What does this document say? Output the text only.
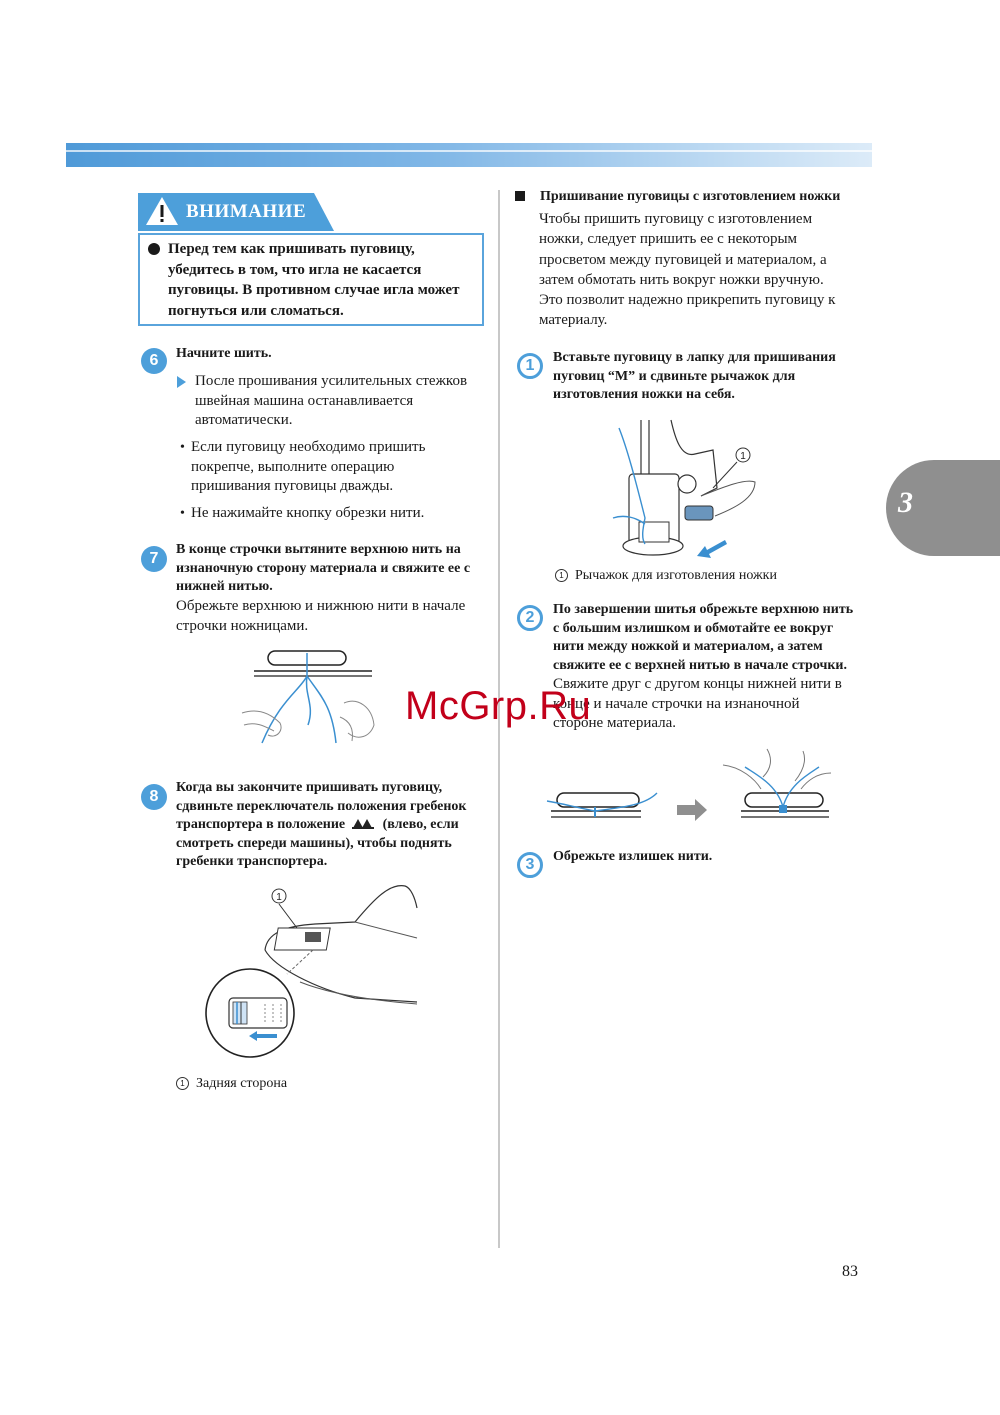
ВНИМАНИЕ
Перед тем как пришивать пуговицу,
убедитесь в том, что игла не касается
пуговицы. В противном случае игла может
погнуться или сломаться.
6	Начните шить.
После прошивания усилительных стежков
швейная машина останавливается
автоматически.
• Если пуговицу необходимо пришить
покрепче, выполните операцию
пришивания пуговицы дважды.
• Не нажимайте кнопку обрезки нити.
7
В конце строчки вытяните верхнюю нить на
изнаночную сторону материала и свяжите ее с
нижней нитью.
Обрежьте верхнюю и нижнюю нити в начале
строчки ножницами.
8
Когда вы закончите пришивать пуговицу,
сдвиньте переключатель положения гребенок
транспортера в положение	(влево, если
смотреть спереди машины), чтобы поднять
гребенки транспортера.
1
1 Задняя сторона
Пришивание пуговицы с изготовлением ножки
Чтобы пришить пуговицу с изготовлением
ножки, следует пришить ее с некоторым
просветом между пуговицей и материалом, а
затем обмотать нить вокруг ножки вручную.
Это позволит надежно прикрепить пуговицу к
материалу.
1	Вставьте пуговицу в лапку для пришивания
пуговиц “M” и сдвиньте рычажок для
изготовления ножки на себя.
1
1 Рычажок для изготовления ножки
2	По завершении шитья обрежьте верхнюю нить
с большим излишком и обмотайте ее вокруг
нити между ножкой и материалом, а затем
свяжите ее с верхней нитью в начале строчки.
Свяжите друг с другом концы нижней нити в
конце и начале строчки на изнаночной
стороне материала.
3	Обрежьте излишек нити.
3
McGrp.Ru
83
